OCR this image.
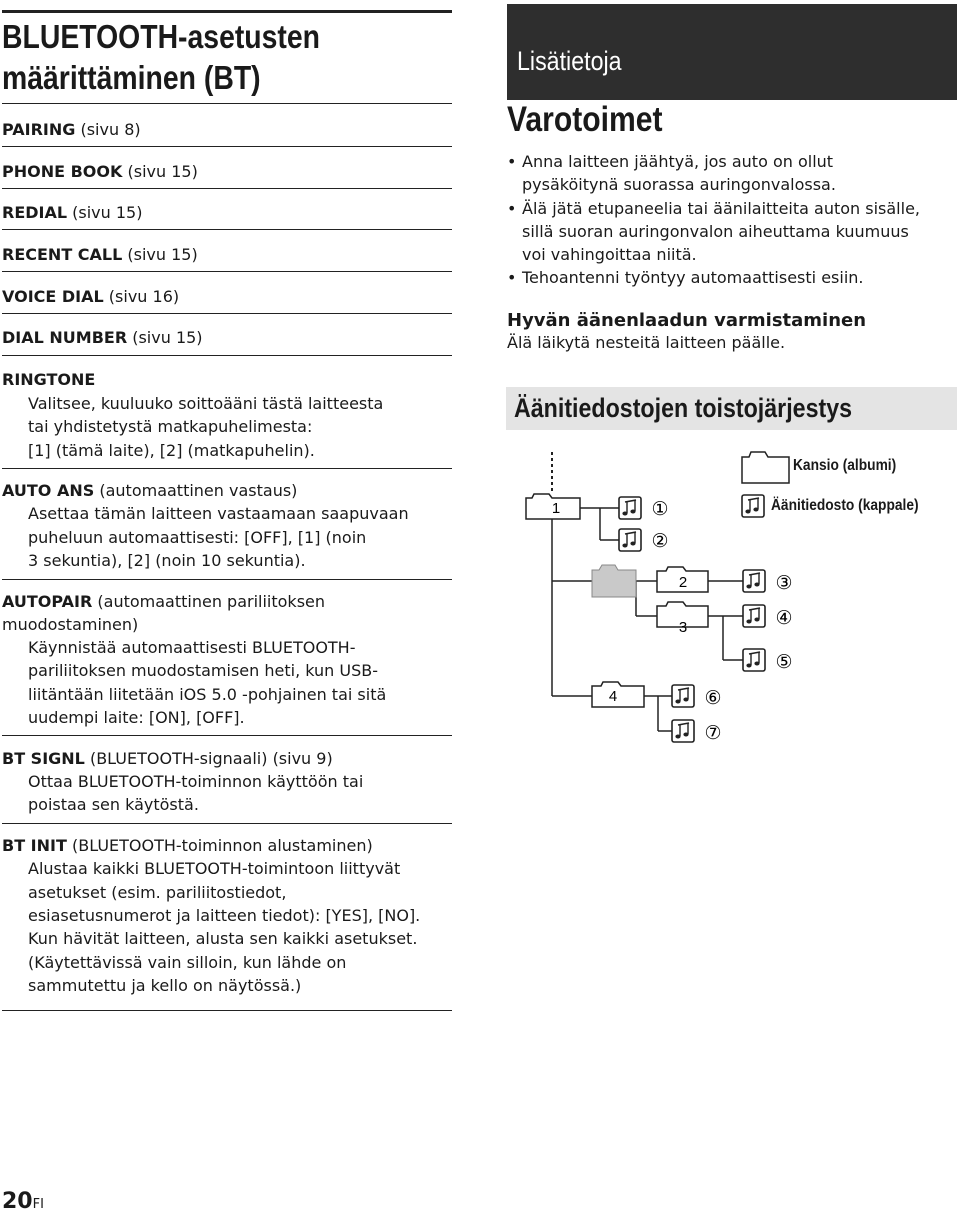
BLUETOOTH-asetusten
määrittäminen (BT)
PAIRING (sivu 8)
PHONE BOOK (sivu 15)
REDIAL (sivu 15)
RECENT CALL (sivu 15)
VOICE DIAL (sivu 16)
DIAL NUMBER (sivu 15)
RINGTONE
Valitsee, kuuluuko soittoääni tästä laitteesta
tai yhdistetystä matkapuhelimesta:
[1] (tämä laite), [2] (matkapuhelin).
AUTO ANS (automaattinen vastaus)
Asettaa tämän laitteen vastaamaan saapuvaan
puheluun automaattisesti: [OFF], [1] (noin
3 sekuntia), [2] (noin 10 sekuntia).
AUTOPAIR (automaattinen pariliitoksen
muodostaminen)
Käynnistää automaattisesti BLUETOOTH-
pariliitoksen muodostamisen heti, kun USB-
liitäntään liitetään iOS 5.0 -pohjainen tai sitä
uudempi laite: [ON], [OFF].
BT SIGNL (BLUETOOTH-signaali) (sivu 9)
Ottaa BLUETOOTH-toiminnon käyttöön tai
poistaa sen käytöstä.
BT INIT (BLUETOOTH-toiminnon alustaminen)
Alustaa kaikki BLUETOOTH-toimintoon liittyvät
asetukset (esim. pariliitostiedot,
esiasetusnumerot ja laitteen tiedot): [YES], [NO].
Kun hävität laitteen, alusta sen kaikki asetukset.
(Käytettävissä vain silloin, kun lähde on
sammutettu ja kello on näytössä.)
20FI
Lisätietoja
Varotoimet
• Anna laitteen jäähtyä, jos auto on ollut
pysäköitynä suorassa auringonvalossa.
• Älä jätä etupaneelia tai äänilaitteita auton sisälle,
sillä suoran auringonvalon aiheuttama kuumuus
voi vahingoittaa niitä.
• Tehoantenni työntyy automaattisesti esiin.
Hyvän äänenlaadun varmistaminen
Älä läikytä nesteitä laitteen päälle.
Äänitiedostojen toistojärjestys
1
2
3
4
①
②
③
④
⑤
⑥
⑦
Kansio (albumi)
Äänitiedosto (kappale)
